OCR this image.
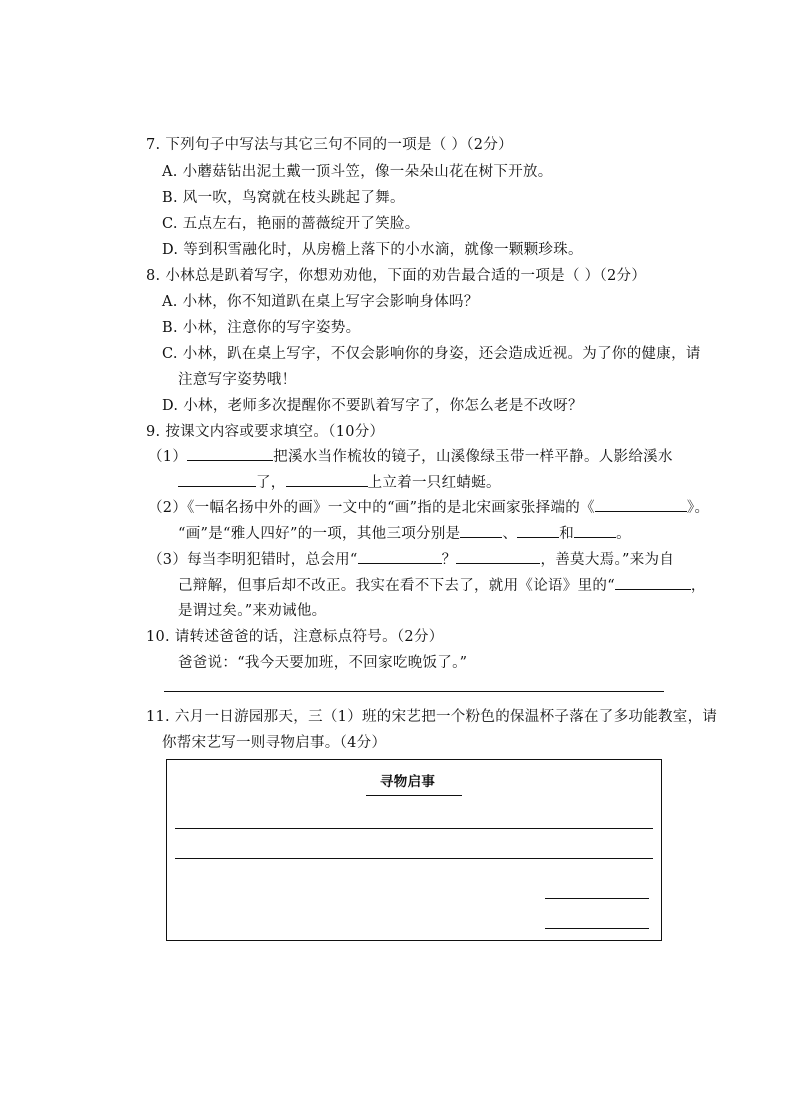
7. 下列句子中写法与其它三句不同的一项是（ ）（2分）
A. 小蘑菇钻出泥土戴一顶斗笠，像一朵朵山花在树下开放。
B. 风一吹，鸟窝就在枝头跳起了舞。
C. 五点左右，艳丽的蔷薇绽开了笑脸。
D. 等到积雪融化时，从房檐上落下的小水滴，就像一颗颗珍珠。
8. 小林总是趴着写字，你想劝劝他，下面的劝告最合适的一项是（ ）（2分）
A. 小林，你不知道趴在桌上写字会影响身体吗？
B. 小林，注意你的写字姿势。
C. 小林，趴在桌上写字，不仅会影响你的身姿，还会造成近视。为了你的健康，请
注意写字姿势哦！
D. 小林，老师多次提醒你不要趴着写字了，你怎么老是不改呀？
9. 按课文内容或要求填空。（10分）
（1）	把溪水当作梳妆的镜子，山溪像绿玉带一样平静。人影给溪水
了，	上立着一只红蜻蜓。
（2）《一幅名扬中外的画》一文中的“画”指的是北宋画家张择端的《	》。
“画”是“雅人四好”的一项，其他三项分别是	、	和	。
（3）每当李明犯错时，总会用“	？	，善莫大焉。”来为自
己辩解，但事后却不改正。我实在看不下去了，就用《论语》里的“	，
是谓过矣。”来劝诫他。
10. 请转述爸爸的话，注意标点符号。（2分）
爸爸说：“我今天要加班，不回家吃晚饭了。”
11. 六月一日游园那天，三（1）班的宋艺把一个粉色的保温杯子落在了多功能教室，请
你帮宋艺写一则寻物启事。（4分）
寻物启事
